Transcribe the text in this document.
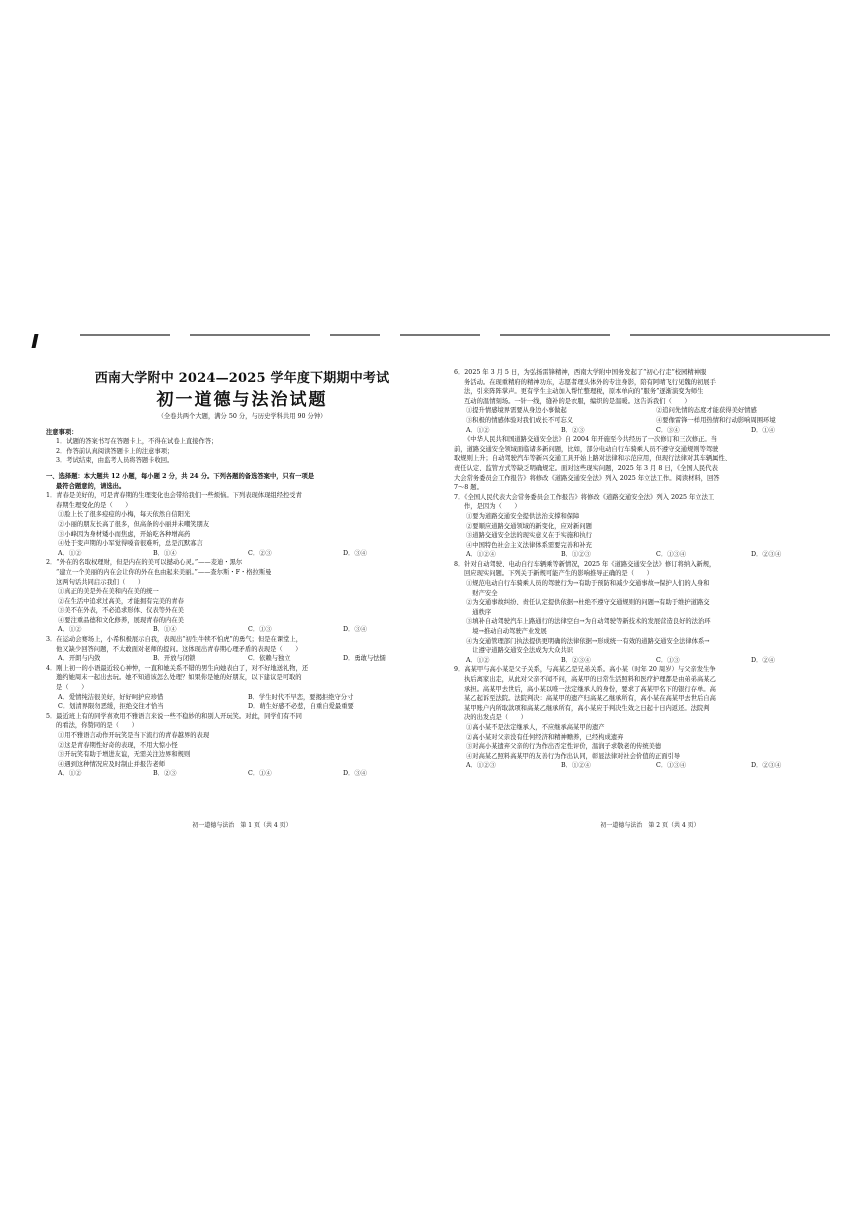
西南大学附中 2024—2025 学年度下期期中考试
初一道德与法治试题
（全卷共两个大题，满分 50 分，与历史学科共用 90 分钟）
注意事项：
1．试题的答案书写在答题卡上，不得在试卷上直接作答；
2．作答前认真阅读答题卡上的注意事项；
3．考试结束，由监考人员将答题卡收回。
一、选择题：本大题共 12 小题，每小题 2 分，共 24 分。下列各题的备选答案中，只有一项是
最符合题意的，请选出。
1．青春是美好的，可是青春期的生理变化也会带给我们一些烦恼。下列表现体现组经控受青
春期生理变化的是（　　）
①脸上长了很多痘痘的小梅，每天依然自信阳光
②小丽的朋友长高了很多，但高条的小丽并未嘲笑朋友
③小峰因为身材矮小而焦虑，开始吃各种增高药
④处于变声期的小军觉得嗓音很难听，总是沉默寡言
A．①②	B．①④	C．②③	D．③④
2．“外在的名取权理财，但是内在的美可以撼动心灵。”——麦迪・黑尔
“建立一个美丽的内在会让你的外在也由起来美丽。”——查尔斯・F・格拉斯曼
这两句话共同启示我们（　　）
①真正的美是外在美和内在美的统一
②在生活中追求过高美，才能拥有完美的青春
③美不在外表，不必追求形体、仪表等外在美
④要注重品德和文化修养，展现青春的内在美
A．①②	B．①④	C．①③	D．③④
3．在运动会赛场上，小希积极展示自我，表现出“初生牛犊不怕虎”的勇气；但是在课堂上，
他又缺少回答问题，不太敢面对老师的提问。这体现出青春期心理矛盾的表现是（　　）
A．开朗与内敛	B．开放与闭锁	C．依赖与独立	D．勇敢与怯懦
4．刚上初一的小语最近较心神忡，一直和她关系不错的男生向她表白了，对不好地送礼物，还
邀约她周末一起出去玩。她不知道该怎么处理？如果你是她的好朋友，以下建议是可取的
是（　　）
A．爱情纯洁很美好，好好呵护应珍惜	B．学生时代不早恋，要揭拒绝守分寸
C．划清界限勿恶缓，拒绝交往才恰当	D．萌生好感不必惹，自重自爱最重要
5．最近班上有的同学喜欢用不雅语言来说一些不稳妙的和别人开玩笑。对此，同学们有不同
的看法，你赞同的是（　　）
①用不雅语言动作开玩笑是当下流行的青春越界的表现
②这是青春期性好奇的表现，不用大惊小怪
③开玩笑有助于增进友谊，无需关注边界和规则
④遇到这种情况应及时制止并报告老师
A．①②	B．②③	C．①④	D．③④
6．2025 年 3 月 5 日，为弘扬雷锋精神，西南大学附中国务发起了“初心行走”校园精神服
务活动。在现重精府的精神功东，志愿者理头体外的专注身影，陪有阿晴飞行见魏的初展手
法，引来阵阵掌声。更有学生主动加入帮忙整理税，原本单向的“服务”逐渐演变为师生
互动的温情刻场。一针一线，缝补的是衣服，编织的是温暖。这告诉我们（　　）
①提升情感境界需要从身边小事做起	②追问先情的态度才能获得美好情感
③积极的情感体验对我们成长不可忘义	④要像雷锋一样用热情和行动影响周围环境
A．①②	B．②③	C．③④	D．①④
《中华人民共和国道路交通安全法》自 2004 年开施至今共经历了一次修订和三次修正。当
前，道路交通安全领域面临诸多新问题，比如，部分电动自行车骑乘人员不遵守交通规则等驾驶
取规则上升；自动驾驶汽车等新兴交通工具开始上路对法律和示范应用，但现行法律对其车辆属性、
责任认定、监管方式等缺乏明确规定。面对这些现实问题，2025 年 3 月 8 日，《全国人民代表
大会常务委员会工作报告》将修改《道路交通安全法》列入 2025 年立法工作。阅读材料，回答
7～8 题。
7．《全国人民代表大会常务委员会工作报告》将修改《道路交通安全法》列入 2025 年立法工
作，是因为（　　）
①要为道路交通安全提供法治支撑和保障
②要顺应道路交通领域的新变化，应对新问题
③道路交通安全法的现实意义在于实施和执行
④中国特色社会主义法律体系需要完善和补充
A．①②④	B．①②③	C．①③④	D．②③④
8．针对自动驾驶、电动自行车辆乘等新情况，2025 年《道路交通安全法》修订将纳入新规，
回应现实问题。下列关于新规可能产生的影响推导正确的是（　　）
①规范电动自行车骑乘人员的驾驶行为→有助于预防和减少交通事故→保护人们的人身和
　财产安全
②为交通事故纠纷、责任认定提供依据→杜绝不遵守交通规则的问题→有助于维护道路交
　通秩序
③填补自动驾驶汽车上路通行的法律空白→为自动驾驶等新技术的发展营造良好的法治环
　境→推动自动驾驶产业发展
④为交通管理部门执法提供更明确的法律依据→形成统一有效的道路交通安全法律体系→
　让遵守道路交通安全法成为大众共识
A．①②	B．②③④	C．①③	D．②④
9．高某甲与高小某是父子关系，与高某乙是兄弟关系。高小某（时年 20 周岁）与父亲发生争
执后离家出走，从此对父亲不闻不问，高某甲的日常生活照料和医疗护理都是由弟弟高某乙
承担。高某甲去世后，高小某以唯一法定继承人的身份，要求了高某甲名下的银行存单。高
某乙起诉至法院。法院判决：高某甲的遗产归高某乙继承所有，高小某在高某甲去世后自高
某甲账户内所取款项和高某乙继承所有，高小某应于判决生效之日起十日内返还。法院判
决的出发点是（　　）
①高小某不是法定继承人，不应继承高某甲的遗产
②高小某对父亲没有任何经济和精神赡养，已经构成遗弃
③对高小某遗弃父亲的行为作出否定性评价，温润子求敬老的传统美德
④对高某乙照料高某甲的友善行为作出认同，彰显法律对社会价值的正面引导
A．①②③	B．①②④	C．①③④	D．②③④
初一道德与法治　第 1 页（共 4 页）	初一道德与法治　第 2 页（共 4 页）
